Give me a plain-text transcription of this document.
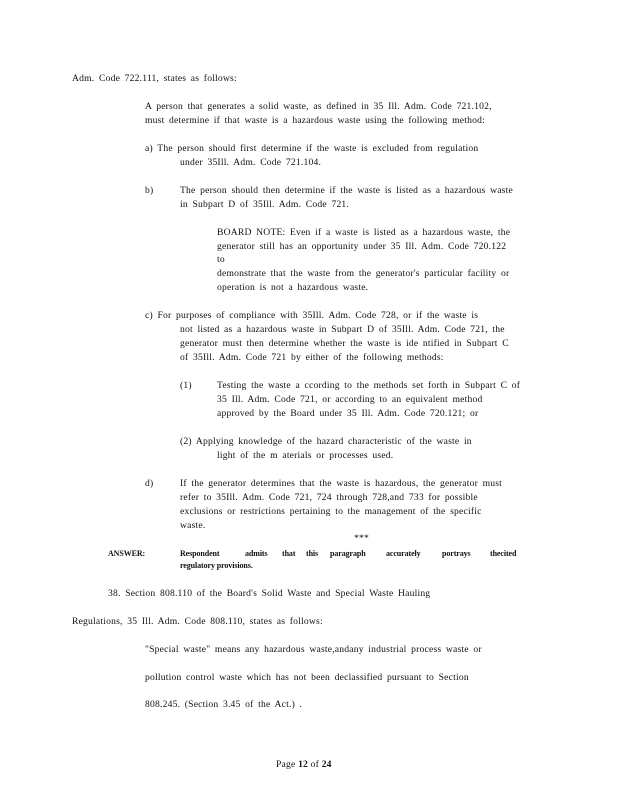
Adm. Code 722.111, states as follows:
A person that generates a solid waste, as defined in 35 Ill. Adm. Code 721.102,
must determine if that waste is a hazardous waste using the following method:
a) The person should first determine if the waste is excluded from regulation
under 35Ill. Adm. Code 721.104.
b)	The person should then determine if the waste is listed as a hazardous waste
in Subpart D of 35Ill. Adm. Code 721.
BOARD NOTE: Even if a waste is listed as a hazardous waste, the
generator still has an opportunity under 35 Ill. Adm. Code 720.122
to
demonstrate that the waste from the generator's particular facility or
operation is not a hazardous waste.
c) For purposes of compliance with 35Ill. Adm. Code 728, or if the waste is
not listed as a hazardous waste in Subpart D of 35Ill. Adm. Code 721, the
generator must then determine whether the waste is ide ntified in Subpart C
of 35Ill. Adm. Code 721 by either of the following methods:
(1)	Testing the waste a ccording to the methods set forth in Subpart C of
35 Ill. Adm. Code 721, or according to an equivalent method
approved by the Board under 35 Ill. Adm. Code 720.121; or
(2) Applying knowledge of the hazard characteristic of the waste in
light of the m aterials or processes used.
d)	If the generator determines that the waste is hazardous, the generator must
refer to 35Ill. Adm. Code 721, 724 through 728,and 733 for possible
exclusions or restrictions pertaining to the management of the specific
waste.
***
ANSWER:	Respondent	admits that this paragraph	accurately	portrays thecited
regulatory provisions.
38. Section 808.110 of the Board's Solid Waste and Special Waste Hauling
Regulations, 35 Ill. Adm. Code 808.110, states as follows:
"Special waste" means any hazardous waste,andany industrial process waste or
pollution control waste which has not been declassified pursuant to Section
808.245. (Section 3.45 of the Act.) .
Page 12 of 24
